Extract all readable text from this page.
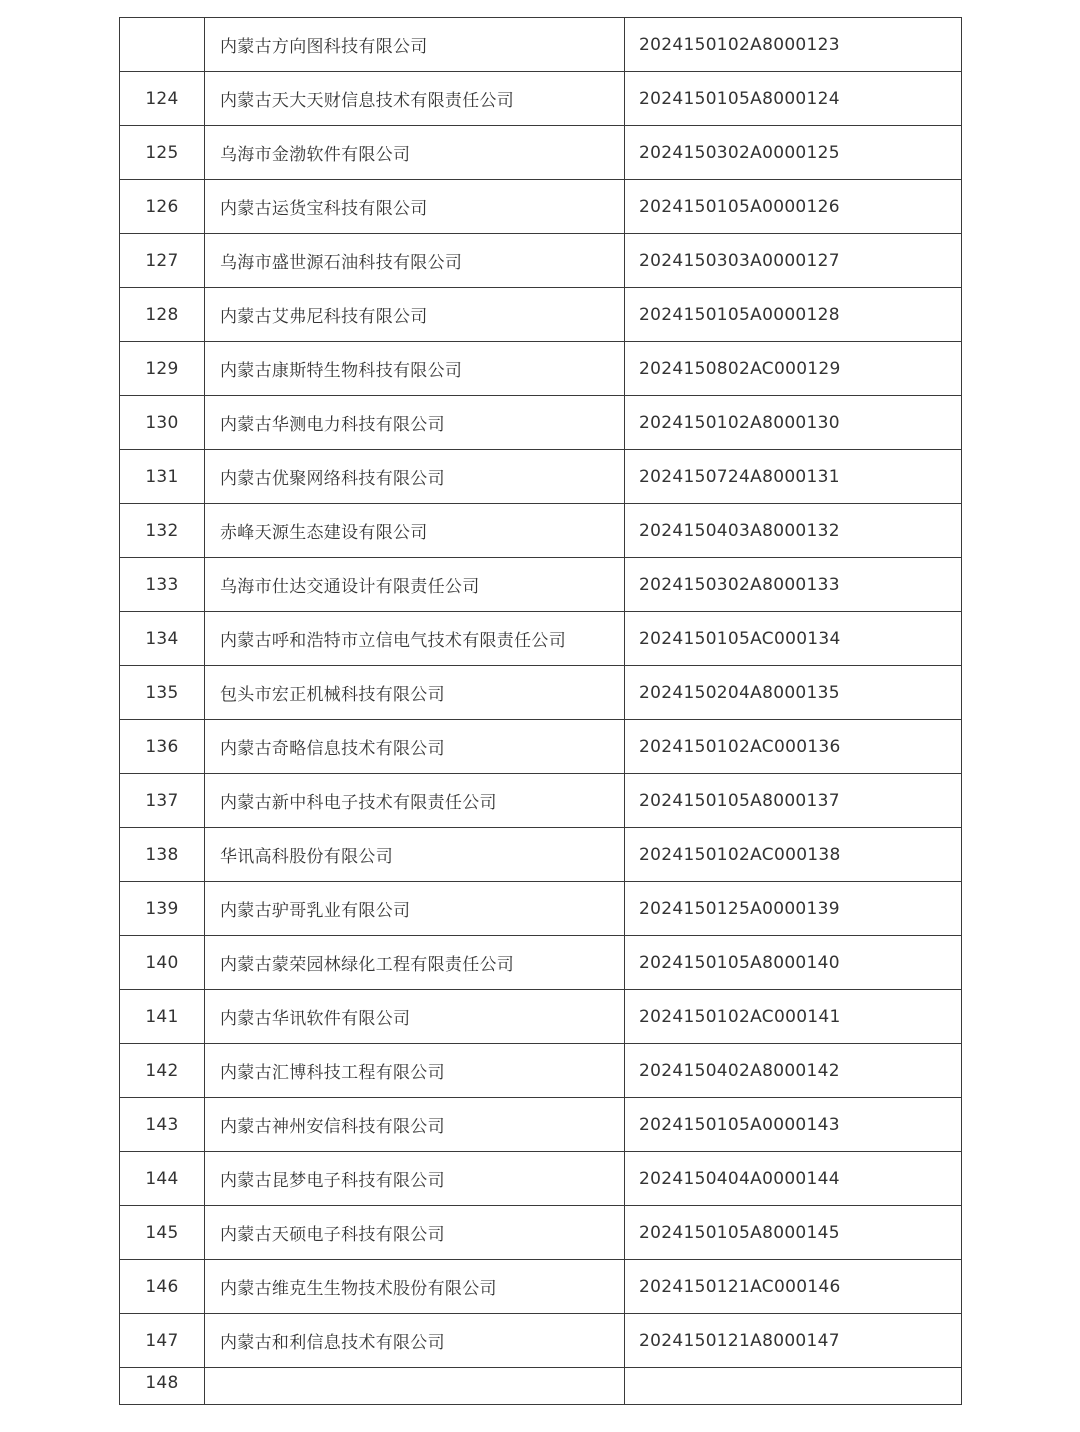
	内蒙古方向图科技有限公司	2024150102A8000123
124	内蒙古天大天财信息技术有限责任公司	2024150105A8000124
125	乌海市金渤软件有限公司	2024150302A0000125
126	内蒙古运货宝科技有限公司	2024150105A0000126
127	乌海市盛世源石油科技有限公司	2024150303A0000127
128	内蒙古艾弗尼科技有限公司	2024150105A0000128
129	内蒙古康斯特生物科技有限公司	2024150802AC000129
130	内蒙古华测电力科技有限公司	2024150102A8000130
131	内蒙古优聚网络科技有限公司	2024150724A8000131
132	赤峰天源生态建设有限公司	2024150403A8000132
133	乌海市仕达交通设计有限责任公司	2024150302A8000133
134	内蒙古呼和浩特市立信电气技术有限责任公司	2024150105AC000134
135	包头市宏正机械科技有限公司	2024150204A8000135
136	内蒙古奇略信息技术有限公司	2024150102AC000136
137	内蒙古新中科电子技术有限责任公司	2024150105A8000137
138	华讯高科股份有限公司	2024150102AC000138
139	内蒙古驴哥乳业有限公司	2024150125A0000139
140	内蒙古蒙荣园林绿化工程有限责任公司	2024150105A8000140
141	内蒙古华讯软件有限公司	2024150102AC000141
142	内蒙古汇博科技工程有限公司	2024150402A8000142
143	内蒙古神州安信科技有限公司	2024150105A0000143
144	内蒙古昆梦电子科技有限公司	2024150404A0000144
145	内蒙古天硕电子科技有限公司	2024150105A8000145
146	内蒙古维克生生物技术股份有限公司	2024150121AC000146
147	内蒙古和利信息技术有限公司	2024150121A8000147
148		
